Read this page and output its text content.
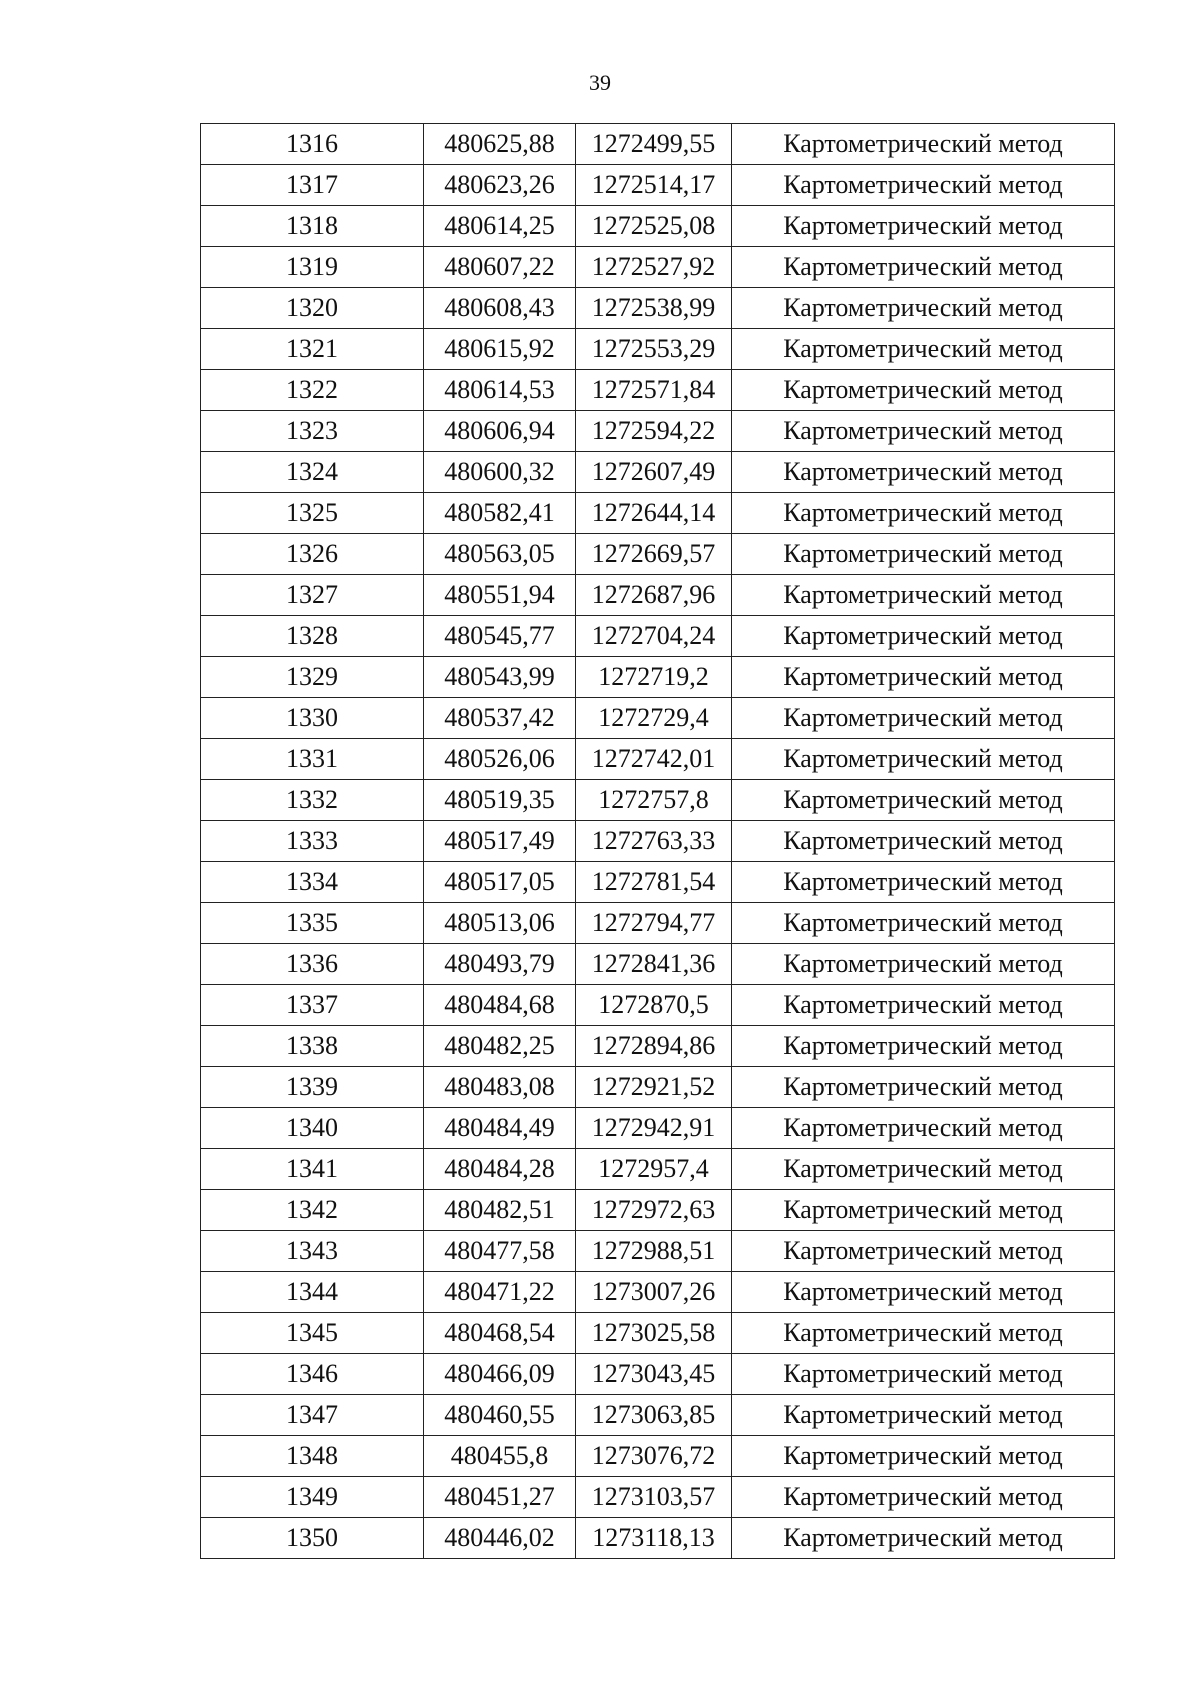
39
1316	480625,88	1272499,55	Картометрический метод
1317	480623,26	1272514,17	Картометрический метод
1318	480614,25	1272525,08	Картометрический метод
1319	480607,22	1272527,92	Картометрический метод
1320	480608,43	1272538,99	Картометрический метод
1321	480615,92	1272553,29	Картометрический метод
1322	480614,53	1272571,84	Картометрический метод
1323	480606,94	1272594,22	Картометрический метод
1324	480600,32	1272607,49	Картометрический метод
1325	480582,41	1272644,14	Картометрический метод
1326	480563,05	1272669,57	Картометрический метод
1327	480551,94	1272687,96	Картометрический метод
1328	480545,77	1272704,24	Картометрический метод
1329	480543,99	1272719,2	Картометрический метод
1330	480537,42	1272729,4	Картометрический метод
1331	480526,06	1272742,01	Картометрический метод
1332	480519,35	1272757,8	Картометрический метод
1333	480517,49	1272763,33	Картометрический метод
1334	480517,05	1272781,54	Картометрический метод
1335	480513,06	1272794,77	Картометрический метод
1336	480493,79	1272841,36	Картометрический метод
1337	480484,68	1272870,5	Картометрический метод
1338	480482,25	1272894,86	Картометрический метод
1339	480483,08	1272921,52	Картометрический метод
1340	480484,49	1272942,91	Картометрический метод
1341	480484,28	1272957,4	Картометрический метод
1342	480482,51	1272972,63	Картометрический метод
1343	480477,58	1272988,51	Картометрический метод
1344	480471,22	1273007,26	Картометрический метод
1345	480468,54	1273025,58	Картометрический метод
1346	480466,09	1273043,45	Картометрический метод
1347	480460,55	1273063,85	Картометрический метод
1348	480455,8	1273076,72	Картометрический метод
1349	480451,27	1273103,57	Картометрический метод
1350	480446,02	1273118,13	Картометрический метод
